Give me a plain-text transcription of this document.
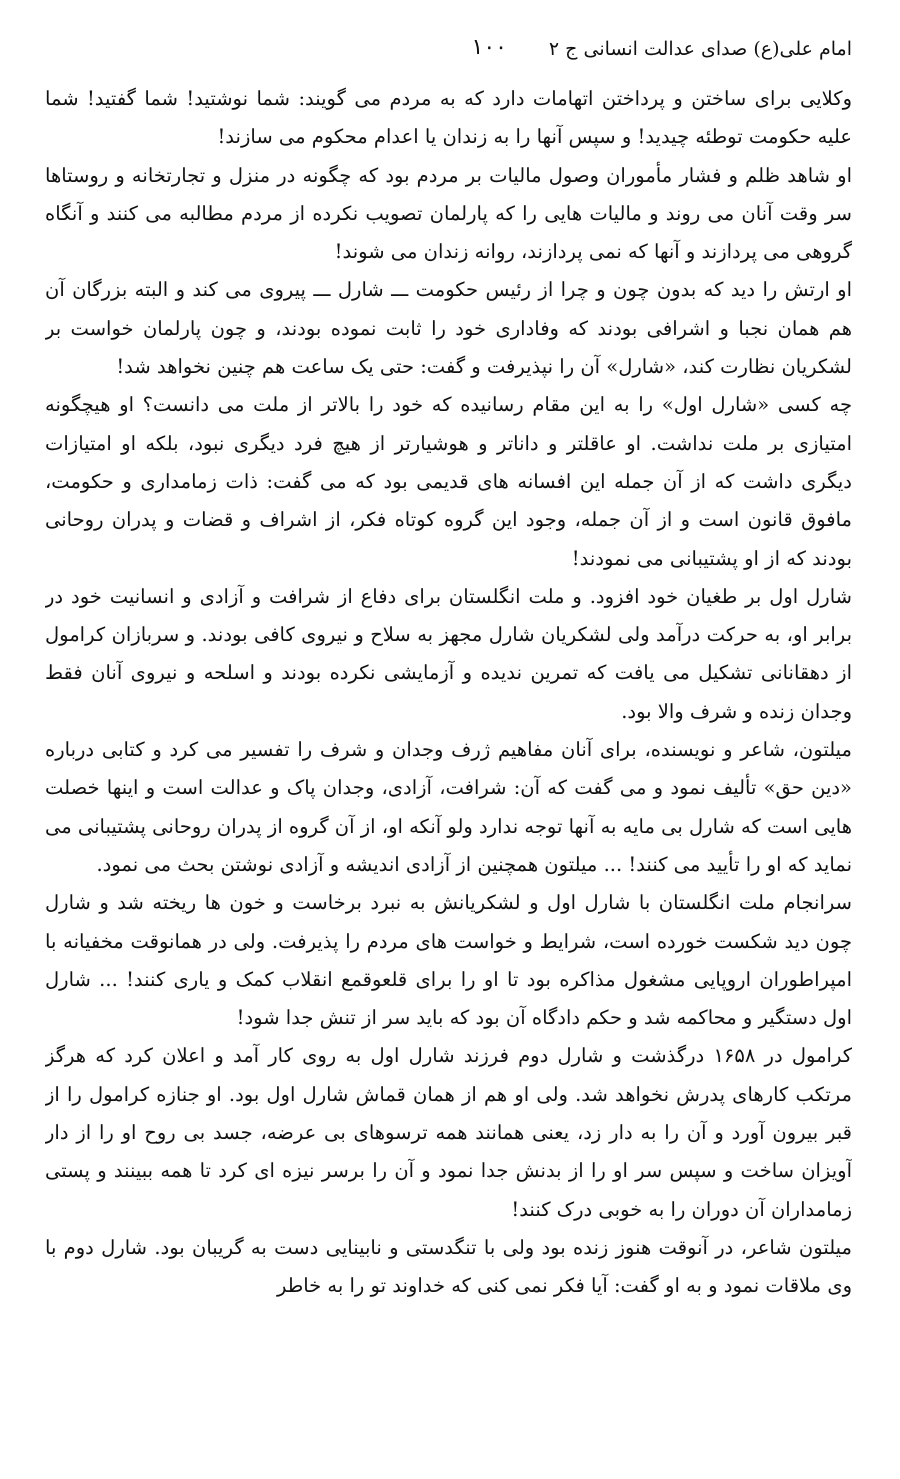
امام علی(ع) صدای عدالت انسانی ج ۲
۱۰۰

وکلایی برای ساختن و پرداختن اتهامات دارد که به مردم می گویند: شما نوشتید! شما گفتید! شما علیه حکومت توطئه چیدید! و سپس آنها را به زندان یا اعدام محکوم می سازند!

او شاهد ظلم و فشار مأموران وصول مالیات بر مردم بود که چگونه در منزل و تجارتخانه و روستاها سر وقت آنان می روند و مالیات هایی را که پارلمان تصویب نکرده از مردم مطالبه می کنند و آنگاه گروهی می پردازند و آنها که نمی پردازند، روانه زندان می شوند!

او ارتش را دید که بدون چون و چرا از رئیس حکومت ـــ شارل ـــ پیروی می کند و البته بزرگان آن هم همان نجبا و اشرافی بودند که وفاداری خود را ثابت نموده بودند، و چون پارلمان خواست بر لشکریان نظارت کند، «شارل» آن را نپذیرفت و گفت: حتی یک ساعت هم چنین نخواهد شد!

چه کسی «شارل اول» را به این مقام رسانیده که خود را بالاتر از ملت می دانست؟ او هیچگونه امتیازی بر ملت نداشت. او عاقلتر و داناتر و هوشیارتر از هیچ فرد دیگری نبود، بلکه او امتیازات دیگری داشت که از آن جمله این افسانه های قدیمی بود که می گفت: ذات زمامداری و حکومت، مافوق قانون است و از آن جمله، وجود این گروه کوتاه فکر، از اشراف و قضات و پدران روحانی بودند که از او پشتیبانی می نمودند!

شارل اول بر طغیان خود افزود. و ملت انگلستان برای دفاع از شرافت و آزادی و انسانیت خود در برابر او، به حرکت درآمد ولی لشکریان شارل مجهز به سلاح و نیروی کافی بودند. و سربازان کرامول از دهقانانی تشکیل می یافت که تمرین ندیده و آزمایشی نکرده بودند و اسلحه و نیروی آنان فقط وجدان زنده و شرف والا بود.

میلتون، شاعر و نویسنده، برای آنان مفاهیم ژرف وجدان و شرف را تفسیر می کرد و کتابی درباره «دین حق» تألیف نمود و می گفت که آن: شرافت، آزادی، وجدان پاک و عدالت است و اینها خصلت هایی است که شارل بی مایه به آنها توجه ندارد ولو آنکه او، از آن گروه از پدران روحانی پشتیبانی می نماید که او را تأیید می کنند! ... میلتون همچنین از آزادی اندیشه و آزادی نوشتن بحث می نمود.

سرانجام ملت انگلستان با شارل اول و لشکریانش به نبرد برخاست و خون ها ریخته شد و شارل چون دید شکست خورده است، شرایط و خواست های مردم را پذیرفت. ولی در همانوقت مخفیانه با امپراطوران اروپایی مشغول مذاکره بود تا او را برای قلعوقمع انقلاب کمک و یاری کنند! ... شارل اول دستگیر و محاکمه شد و حکم دادگاه آن بود که باید سر از تنش جدا شود!

کرامول در ۱۶۵۸ درگذشت و شارل دوم فرزند شارل اول به روی کار آمد و اعلان کرد که هرگز مرتکب کارهای پدرش نخواهد شد. ولی او هم از همان قماش شارل اول بود. او جنازه کرامول را از قبر بیرون آورد و آن را به دار زد، یعنی همانند همه ترسوهای بی عرضه، جسد بی روح او را از دار آویزان ساخت و سپس سر او را از بدنش جدا نمود و آن را برسر نیزه ای کرد تا همه ببینند و پستی زمامداران آن دوران را به خوبی درک کنند!

میلتون شاعر، در آنوقت هنوز زنده بود ولی با تنگدستی و نابینایی دست به گریبان بود. شارل دوم با وی ملاقات نمود و به او گفت: آیا فکر نمی کنی که خداوند تو را به خاطر
